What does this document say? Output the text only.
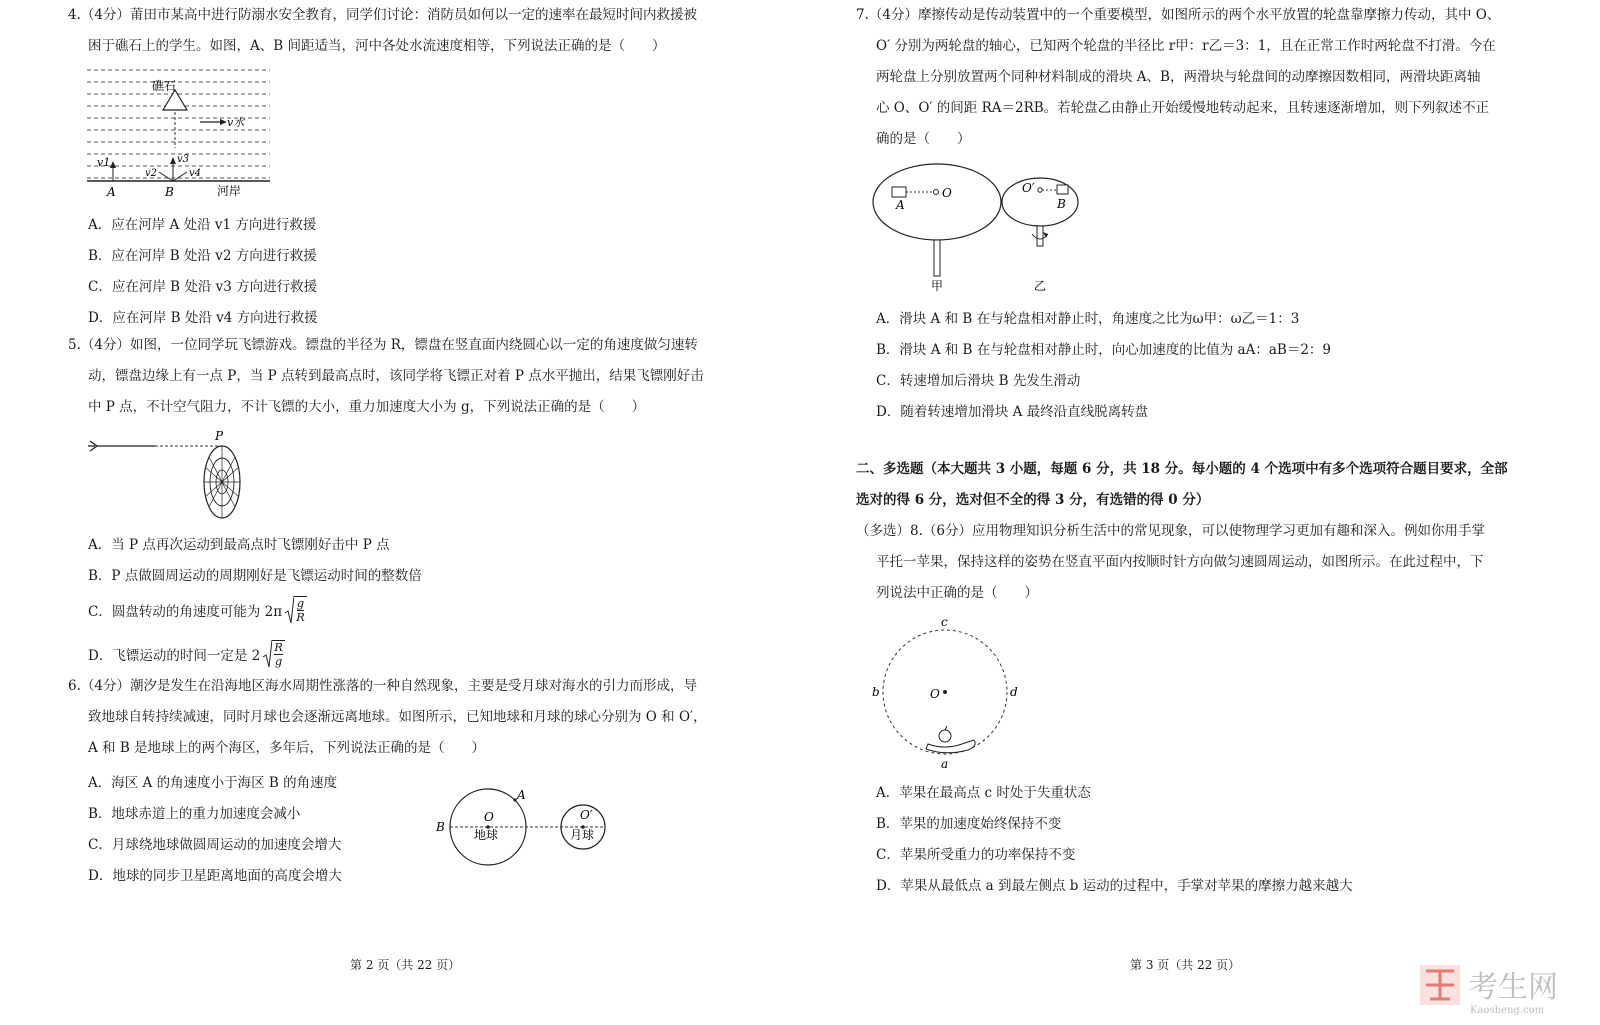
4.（4分）莆田市某高中进行防溺水安全教育，同学们讨论：消防员如何以一定的速率在最短时间内救援被
困于礁石上的学生。如图，A、B 间距适当，河中各处水流速度相等，下列说法正确的是（　　）
礁石
v水
v1	v3
v2	v4
A	B	河岸
A．应在河岸 A 处沿 v1 方向进行救援
B．应在河岸 B 处沿 v2 方向进行救援
C．应在河岸 B 处沿 v3 方向进行救援
D．应在河岸 B 处沿 v4 方向进行救援
5.（4分）如图，一位同学玩飞镖游戏。镖盘的半径为 R，镖盘在竖直面内绕圆心以一定的角速度做匀速转
动，镖盘边缘上有一点 P，当 P 点转到最高点时，该同学将飞镖正对着 P 点水平抛出，结果飞镖刚好击
中 P 点，不计空气阻力，不计飞镖的大小，重力加速度大小为 g，下列说法正确的是（　　）
P
A．当 P 点再次运动到最高点时飞镖刚好击中 P 点
B．P 点做圆周运动的周期刚好是飞镖运动时间的整数倍
C．圆盘转动的角速度可能为 2π
g
R
D．飞镖运动的时间一定是 2
R
g
6.（4分）潮汐是发生在沿海地区海水周期性涨落的一种自然现象，主要是受月球对海水的引力而形成，导
致地球自转持续减速，同时月球也会逐渐远离地球。如图所示，已知地球和月球的球心分别为 O 和 O′，
A 和 B 是地球上的两个海区，多年后，下列说法正确的是（　　）
A．海区 A 的角速度小于海区 B 的角速度
B．地球赤道上的重力加速度会减小
C．月球绕地球做圆周运动的加速度会增大
D．地球的同步卫星距离地面的高度会增大
O	O′
A
B
地球	月球
第 2 页（共 22 页）
7.（4分）摩擦传动是传动装置中的一个重要模型，如图所示的两个水平放置的轮盘靠摩擦力传动，其中 O、
O′ 分别为两轮盘的轴心，已知两个轮盘的半径比 r甲：r乙＝3：1，且在正常工作时两轮盘不打滑。今在
两轮盘上分别放置两个同种材料制成的滑块 A、B，两滑块与轮盘间的动摩擦因数相同，两滑块距离轴
心 O、O′ 的间距 RA＝2RB。若轮盘乙由静止开始缓慢地转动起来，且转速逐渐增加，则下列叙述不正
确的是（　　）
A
O	O′
B
甲	乙
A．滑块 A 和 B 在与轮盘相对静止时，角速度之比为ω甲：ω乙＝1：3
B．滑块 A 和 B 在与轮盘相对静止时，向心加速度的比值为 aA：aB＝2：9
C．转速增加后滑块 B 先发生滑动
D．随着转速增加滑块 A 最终沿直线脱离转盘
二、多选题（本大题共 3 小题，每题 6 分，共 18 分。每小题的 4 个选项中有多个选项符合题目要求，全部
选对的得 6 分，选对但不全的得 3 分，有选错的得 0 分）
（多选）8.（6分）应用物理知识分析生活中的常见现象，可以使物理学习更加有趣和深入。例如你用手掌
平托一苹果，保持这样的姿势在竖直平面内按顺时针方向做匀速圆周运动，如图所示。在此过程中，下
列说法中正确的是（　　）
O
c
b	d
a
A．苹果在最高点 c 时处于失重状态
B．苹果的加速度始终保持不变
C．苹果所受重力的功率保持不变
D．苹果从最低点 a 到最左侧点 b 运动的过程中，手掌对苹果的摩擦力越来越大
第 3 页（共 22 页）
考生网
Kaosheng.com
